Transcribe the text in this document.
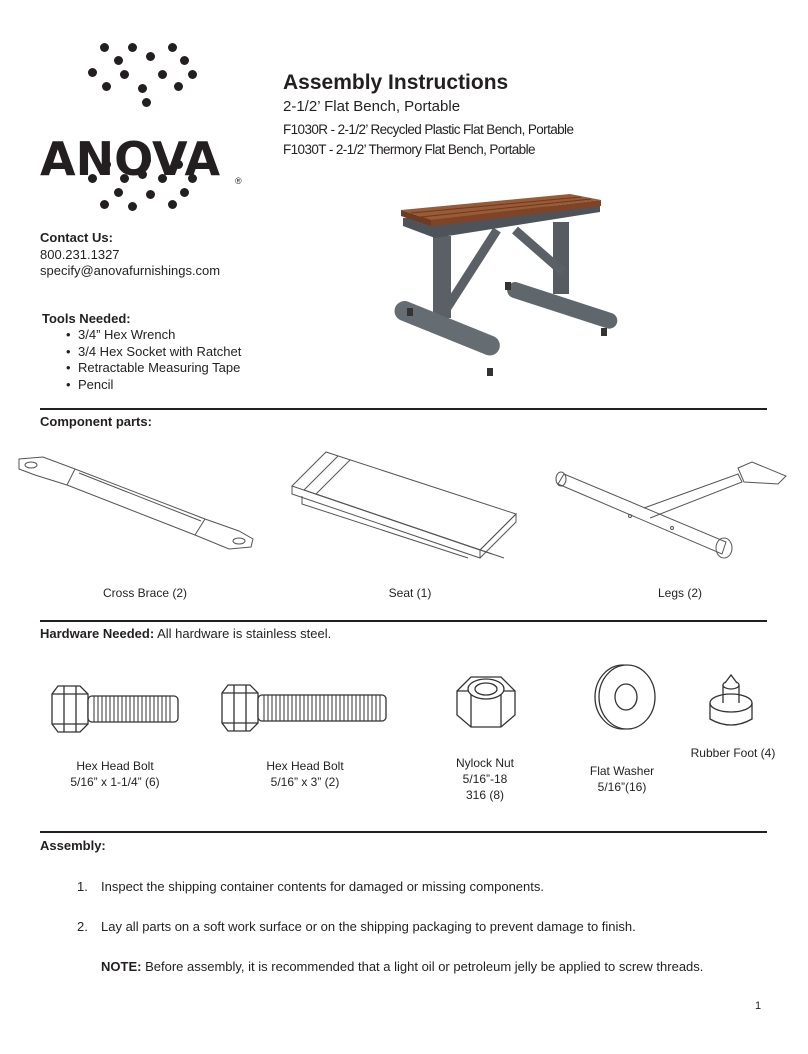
ANOVA ®
Assembly Instructions
2-1/2’ Flat Bench, Portable
F1030R - 2-1/2’ Recycled Plastic Flat Bench, Portable
F1030T - 2-1/2’ Thermory Flat Bench, Portable
Contact Us:
800.231.1327
specify@anovafurnishings.com
Tools Needed:
• 3/4” Hex Wrench
• 3/4 Hex Socket with Ratchet
• Retractable Measuring Tape
• Pencil
Component parts:
Cross Brace (2)	Seat (1)	Legs (2)
Hardware Needed: All hardware is stainless steel.
Hex Head Bolt
5/16” x 1-1/4” (6)
Hex Head Bolt
5/16” x 3” (2)
Nylock Nut
5/16”-18
316 (8)
Flat Washer
5/16”(16)
Rubber Foot (4)
Assembly:
1. Inspect the shipping container contents for damaged or missing components.
2. Lay all parts on a soft work surface or on the shipping packaging to prevent damage to finish.
NOTE: Before assembly, it is recommended that a light oil or petroleum jelly be applied to screw threads.
1
